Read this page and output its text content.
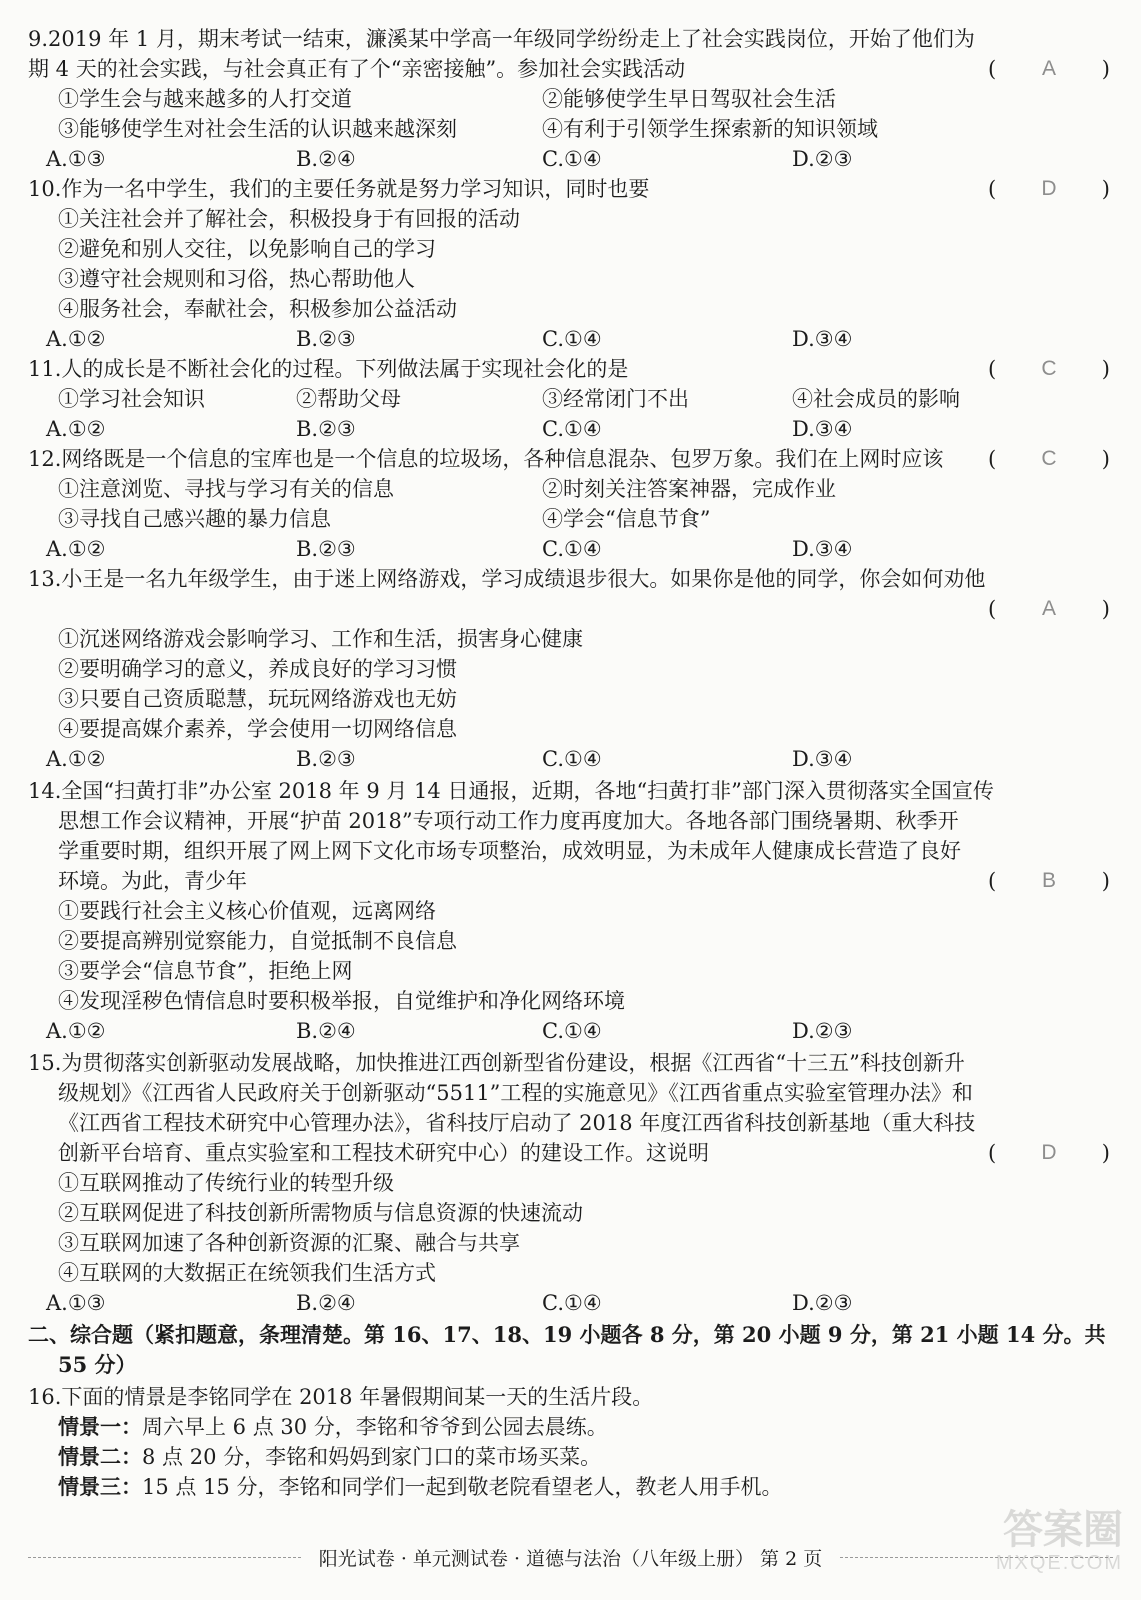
9.2019 年 1 月，期末考试一结束，濂溪某中学高一年级同学纷纷走上了社会实践岗位，开始了他们为
期 4 天的社会实践，与社会真正有了个“亲密接触”。参加社会实践活动	( A )
①学生会与越来越多的人打交道	②能够使学生早日驾驭社会生活
③能够使学生对社会生活的认识越来越深刻	④有利于引领学生探索新的知识领域
A.①③	B.②④	C.①④	D.②③
10.作为一名中学生，我们的主要任务就是努力学习知识，同时也要	( D )
①关注社会并了解社会，积极投身于有回报的活动
②避免和别人交往，以免影响自己的学习
③遵守社会规则和习俗，热心帮助他人
④服务社会，奉献社会，积极参加公益活动
A.①②	B.②③	C.①④	D.③④
11.人的成长是不断社会化的过程。下列做法属于实现社会化的是	( C )
①学习社会知识	②帮助父母	③经常闭门不出	④社会成员的影响
A.①②	B.②③	C.①④	D.③④
12.网络既是一个信息的宝库也是一个信息的垃圾场，各种信息混杂、包罗万象。我们在上网时应该	( C )
①注意浏览、寻找与学习有关的信息	②时刻关注答案神器，完成作业
③寻找自己感兴趣的暴力信息	④学会“信息节食”
A.①②	B.②③	C.①④	D.③④
13.小王是一名九年级学生，由于迷上网络游戏，学习成绩退步很大。如果你是他的同学，你会如何劝他
( A )
①沉迷网络游戏会影响学习、工作和生活，损害身心健康
②要明确学习的意义，养成良好的学习习惯
③只要自己资质聪慧，玩玩网络游戏也无妨
④要提高媒介素养，学会使用一切网络信息
A.①②	B.②③	C.①④	D.③④
14.全国“扫黄打非”办公室 2018 年 9 月 14 日通报，近期，各地“扫黄打非”部门深入贯彻落实全国宣传
思想工作会议精神，开展“护苗 2018”专项行动工作力度再度加大。各地各部门围绕暑期、秋季开
学重要时期，组织开展了网上网下文化市场专项整治，成效明显，为未成年人健康成长营造了良好
环境。为此，青少年	( B )
①要践行社会主义核心价值观，远离网络
②要提高辨别觉察能力，自觉抵制不良信息
③要学会“信息节食”，拒绝上网
④发现淫秽色情信息时要积极举报，自觉维护和净化网络环境
A.①②	B.②④	C.①④	D.②③
15.为贯彻落实创新驱动发展战略，加快推进江西创新型省份建设，根据《江西省“十三五”科技创新升
级规划》《江西省人民政府关于创新驱动“5511”工程的实施意见》《江西省重点实验室管理办法》和
《江西省工程技术研究中心管理办法》，省科技厅启动了 2018 年度江西省科技创新基地（重大科技
创新平台培育、重点实验室和工程技术研究中心）的建设工作。这说明	( D )
①互联网推动了传统行业的转型升级
②互联网促进了科技创新所需物质与信息资源的快速流动
③互联网加速了各种创新资源的汇聚、融合与共享
④互联网的大数据正在统领我们生活方式
A.①③	B.②④	C.①④	D.②③
二、综合题（紧扣题意，条理清楚。第 16、17、18、19 小题各 8 分，第 20 小题 9 分，第 21 小题 14 分。共
55 分）
16.下面的情景是李铭同学在 2018 年暑假期间某一天的生活片段。
情景一：周六早上 6 点 30 分，李铭和爷爷到公园去晨练。
情景二：8 点 20 分，李铭和妈妈到家门口的菜市场买菜。
情景三：15 点 15 分，李铭和同学们一起到敬老院看望老人，教老人用手机。
阳光试卷 · 单元测试卷 · 道德与法治（八年级上册） 第 2 页
答案圈
MXQE.COM
